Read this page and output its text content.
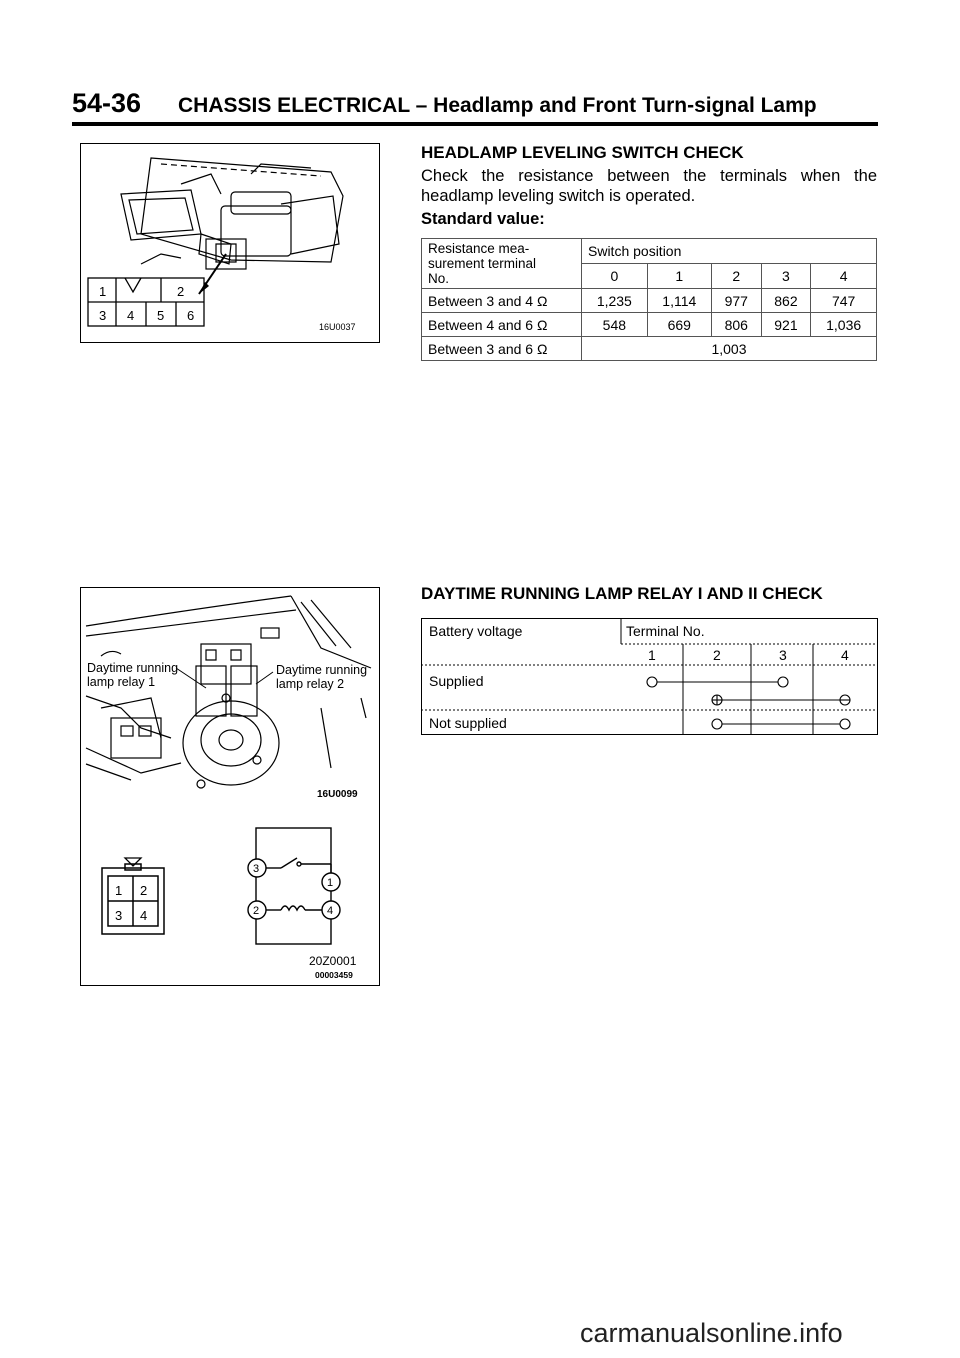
54-36 CHASSIS ELECTRICAL – Headlamp and Front Turn-signal Lamp
1	2
3 4 5 6
16U0037
HEADLAMP LEVELING SWITCH CHECK
Check the resistance between the terminals when the headlamp leveling switch is operated.
Standard value:
Resistance mea-
surement terminal
No.	Switch position				
	0	1	2	3	4
Between 3 and 4 Ω	1,235	1,114	977	862	747
Between 4 and 6 Ω	548	669	806	921	1,036
Between 3 and 6 Ω	1,003				
Daytime running
lamp relay 1
Daytime running
lamp relay 2
16U0099
1 2
3 4
3
1
2	4
20Z0001
00003459
DAYTIME RUNNING LAMP RELAY I AND II CHECK
Battery voltage	Terminal No.
1	2	3	4
Supplied
Not supplied
carmanualsonline.info
